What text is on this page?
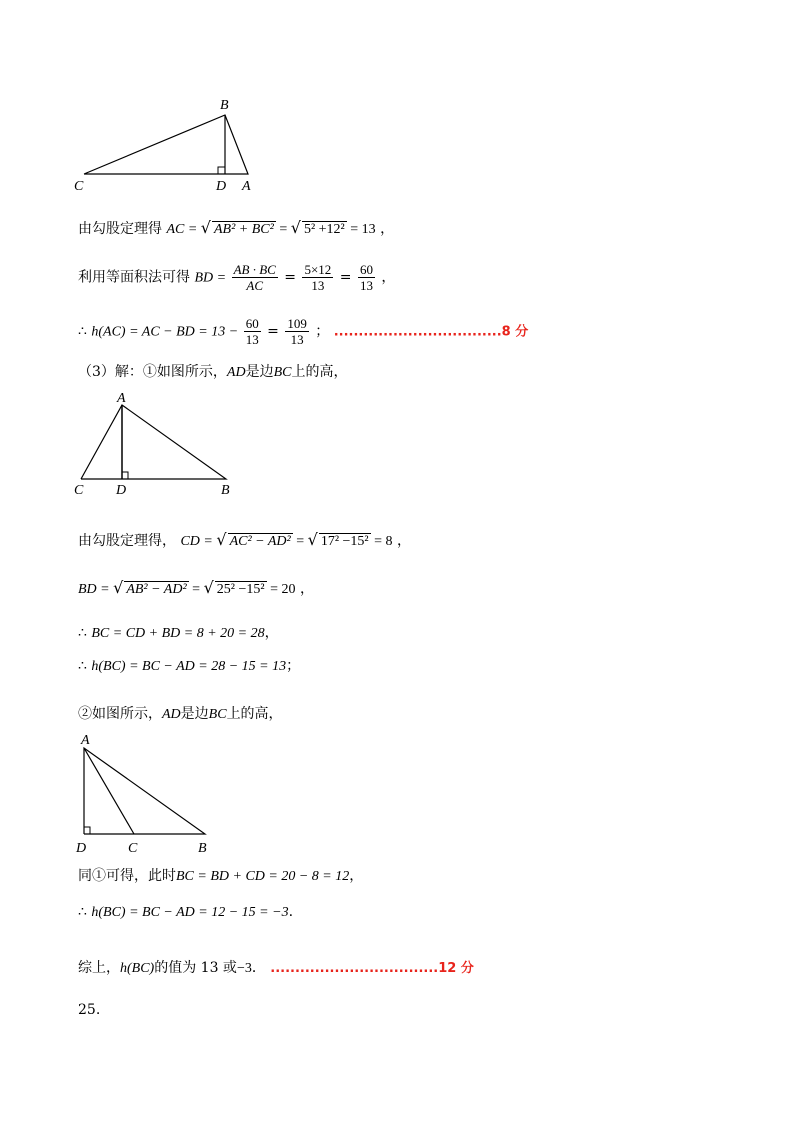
B
C	D A
由勾股定理得 AC = √ AB² + BC² = √ 5² +12² = 13 ，
利用等面积法可得 BD = $\frac{AB \cdot BC}{AC} = \frac{5\times 12}{13} = \frac{60}{13}$ ，
∴ h(AC) = AC − BD = $13 - \frac{60}{13} = \frac{109}{13}$ ； ..................................8 分
（3）解：①如图所示，AD是边BC上的高，
A
C D	B
由勾股定理得， CD = √ AC² − AD² = √ 17² −15² = 8 ，
BD = √ AB² − AD² = √ 25² −15² = 20 ，
∴ BC = CD + BD = 8 + 20 = 28，
∴ h(BC) = BC − AD = 28 − 15 = 13；
②如图所示，AD是边BC上的高，
A
D	C	B
同①可得，此时BC = BD + CD = 20 − 8 = 12，
∴ h(BC) = BC − AD = 12 − 15 = −3.
综上，h(BC)的值为 13 或−3． ..................................12 分
25.
